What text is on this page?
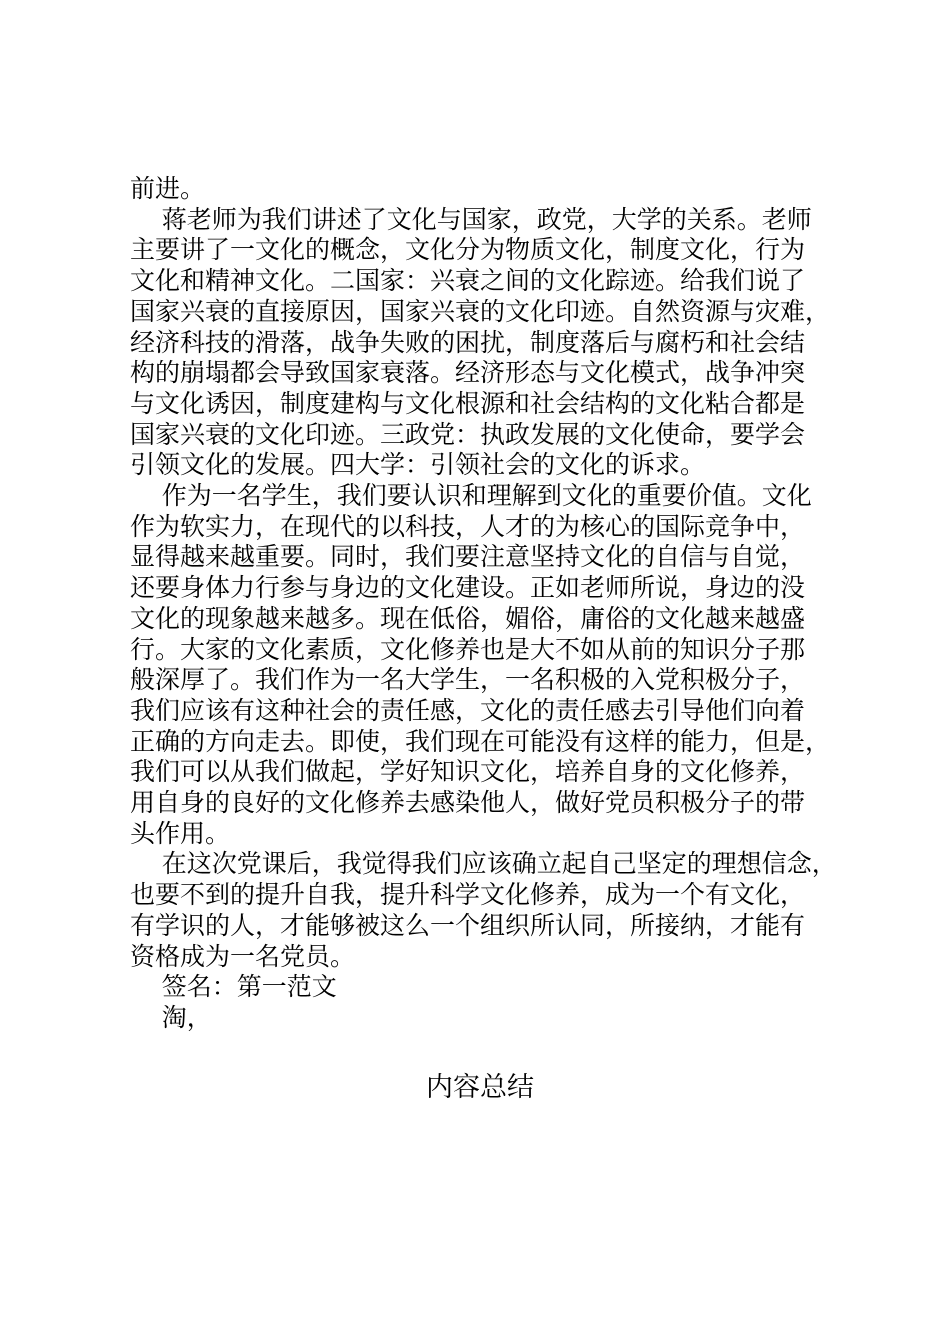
前进。
蒋老师为我们讲述了文化与国家，政党，大学的关系。老师
主要讲了一文化的概念，文化分为物质文化，制度文化，行为
文化和精神文化。二国家：兴衰之间的文化踪迹。给我们说了
国家兴衰的直接原因，国家兴衰的文化印迹。自然资源与灾难，
经济科技的滑落，战争失败的困扰，制度落后与腐朽和社会结
构的崩塌都会导致国家衰落。经济形态与文化模式，战争冲突
与文化诱因，制度建构与文化根源和社会结构的文化粘合都是
国家兴衰的文化印迹。三政党：执政发展的文化使命，要学会
引领文化的发展。四大学：引领社会的文化的诉求。
作为一名学生，我们要认识和理解到文化的重要价值。文化
作为软实力，在现代的以科技，人才的为核心的国际竞争中，
显得越来越重要。同时，我们要注意坚持文化的自信与自觉，
还要身体力行参与身边的文化建设。正如老师所说，身边的没
文化的现象越来越多。现在低俗，媚俗，庸俗的文化越来越盛
行。大家的文化素质，文化修养也是大不如从前的知识分子那
般深厚了。我们作为一名大学生，一名积极的入党积极分子，
我们应该有这种社会的责任感，文化的责任感去引导他们向着
正确的方向走去。即使，我们现在可能没有这样的能力，但是，
我们可以从我们做起，学好知识文化，培养自身的文化修养，
用自身的良好的文化修养去感染他人，做好党员积极分子的带
头作用。
在这次党课后，我觉得我们应该确立起自己坚定的理想信念，
也要不到的提升自我，提升科学文化修养，成为一个有文化，
有学识的人，才能够被这么一个组织所认同，所接纳，才能有
资格成为一名党员。
签名：第一范文
淘，
内容总结
